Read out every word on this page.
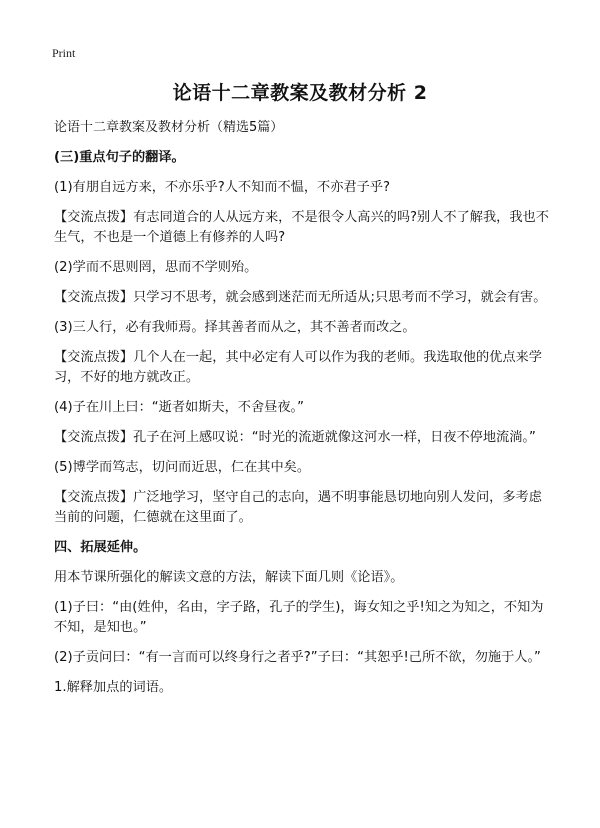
Print
论语十二章教案及教材分析 2
论语十二章教案及教材分析（精选5篇）

(三)重点句子的翻译。

(1)有朋自远方来，不亦乐乎?人不知而不愠，不亦君子乎?

【交流点拨】有志同道合的人从远方来，不是很令人高兴的吗?别人不了解我，我也不生气，不也是一个道德上有修养的人吗?

(2)学而不思则罔，思而不学则殆。

【交流点拨】只学习不思考，就会感到迷茫而无所适从;只思考而不学习，就会有害。

(3)三人行，必有我师焉。择其善者而从之，其不善者而改之。

【交流点拨】几个人在一起，其中必定有人可以作为我的老师。我选取他的优点来学习，不好的地方就改正。

(4)子在川上曰：“逝者如斯夫，不舍昼夜。”

【交流点拨】孔子在河上感叹说：“时光的流逝就像这河水一样，日夜不停地流淌。”

(5)博学而笃志，切问而近思，仁在其中矣。

【交流点拨】广泛地学习，坚守自己的志向，遇不明事能恳切地向别人发问，多考虑当前的问题，仁德就在这里面了。

四、拓展延伸。

用本节课所强化的解读文意的方法，解读下面几则《论语》。

(1)子曰：“由(姓仲，名由，字子路，孔子的学生)，诲女知之乎!知之为知之，不知为不知，是知也。”

(2)子贡问曰：“有一言而可以终身行之者乎?”子曰：“其恕乎!己所不欲，勿施于人。”

1.解释加点的词语。
